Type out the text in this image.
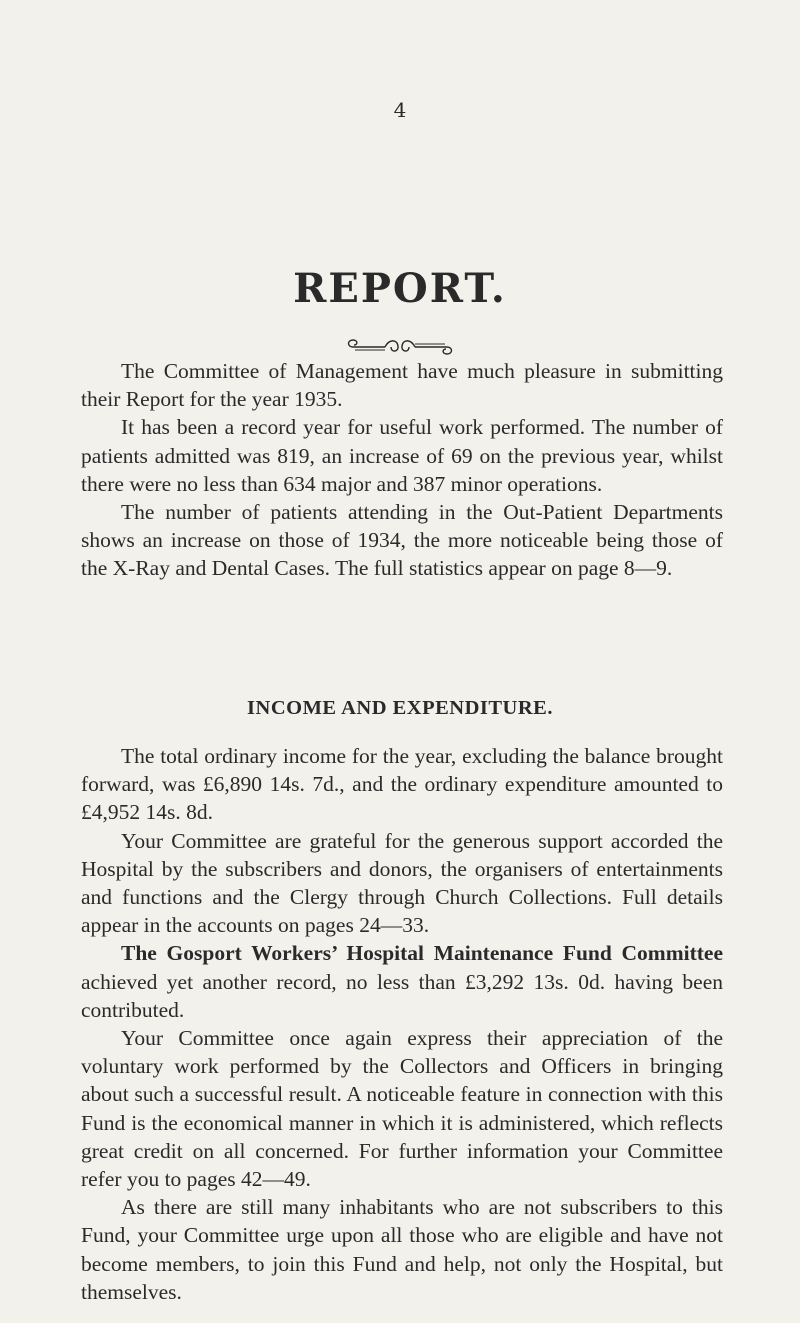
4
REPORT.

The Committee of Management have much pleasure in submitting their Report for the year 1935.

It has been a record year for useful work performed. The number of patients admitted was 819, an increase of 69 on the previous year, whilst there were no less than 634 major and 387 minor operations.

The number of patients attending in the Out-Patient Departments shows an increase on those of 1934, the more noticeable being those of the X-Ray and Dental Cases. The full statistics appear on page 8—9.

INCOME AND EXPENDITURE.

The total ordinary income for the year, excluding the balance brought forward, was £6,890 14s. 7d., and the ordinary expenditure amounted to £4,952 14s. 8d.

Your Committee are grateful for the generous support accorded the Hospital by the subscribers and donors, the organisers of entertainments and functions and the Clergy through Church Collections. Full details appear in the accounts on pages 24—33.

The Gosport Workers’ Hospital Maintenance Fund Committee achieved yet another record, no less than £3,292 13s. 0d. having been contributed.

Your Committee once again express their appreciation of the voluntary work performed by the Collectors and Officers in bringing about such a successful result. A noticeable feature in connection with this Fund is the economical manner in which it is administered, which reflects great credit on all concerned. For further information your Committee refer you to pages 42—49.

As there are still many inhabitants who are not subscribers to this Fund, your Committee urge upon all those who are eligible and have not become members, to join this Fund and help, not only the Hospital, but themselves.
